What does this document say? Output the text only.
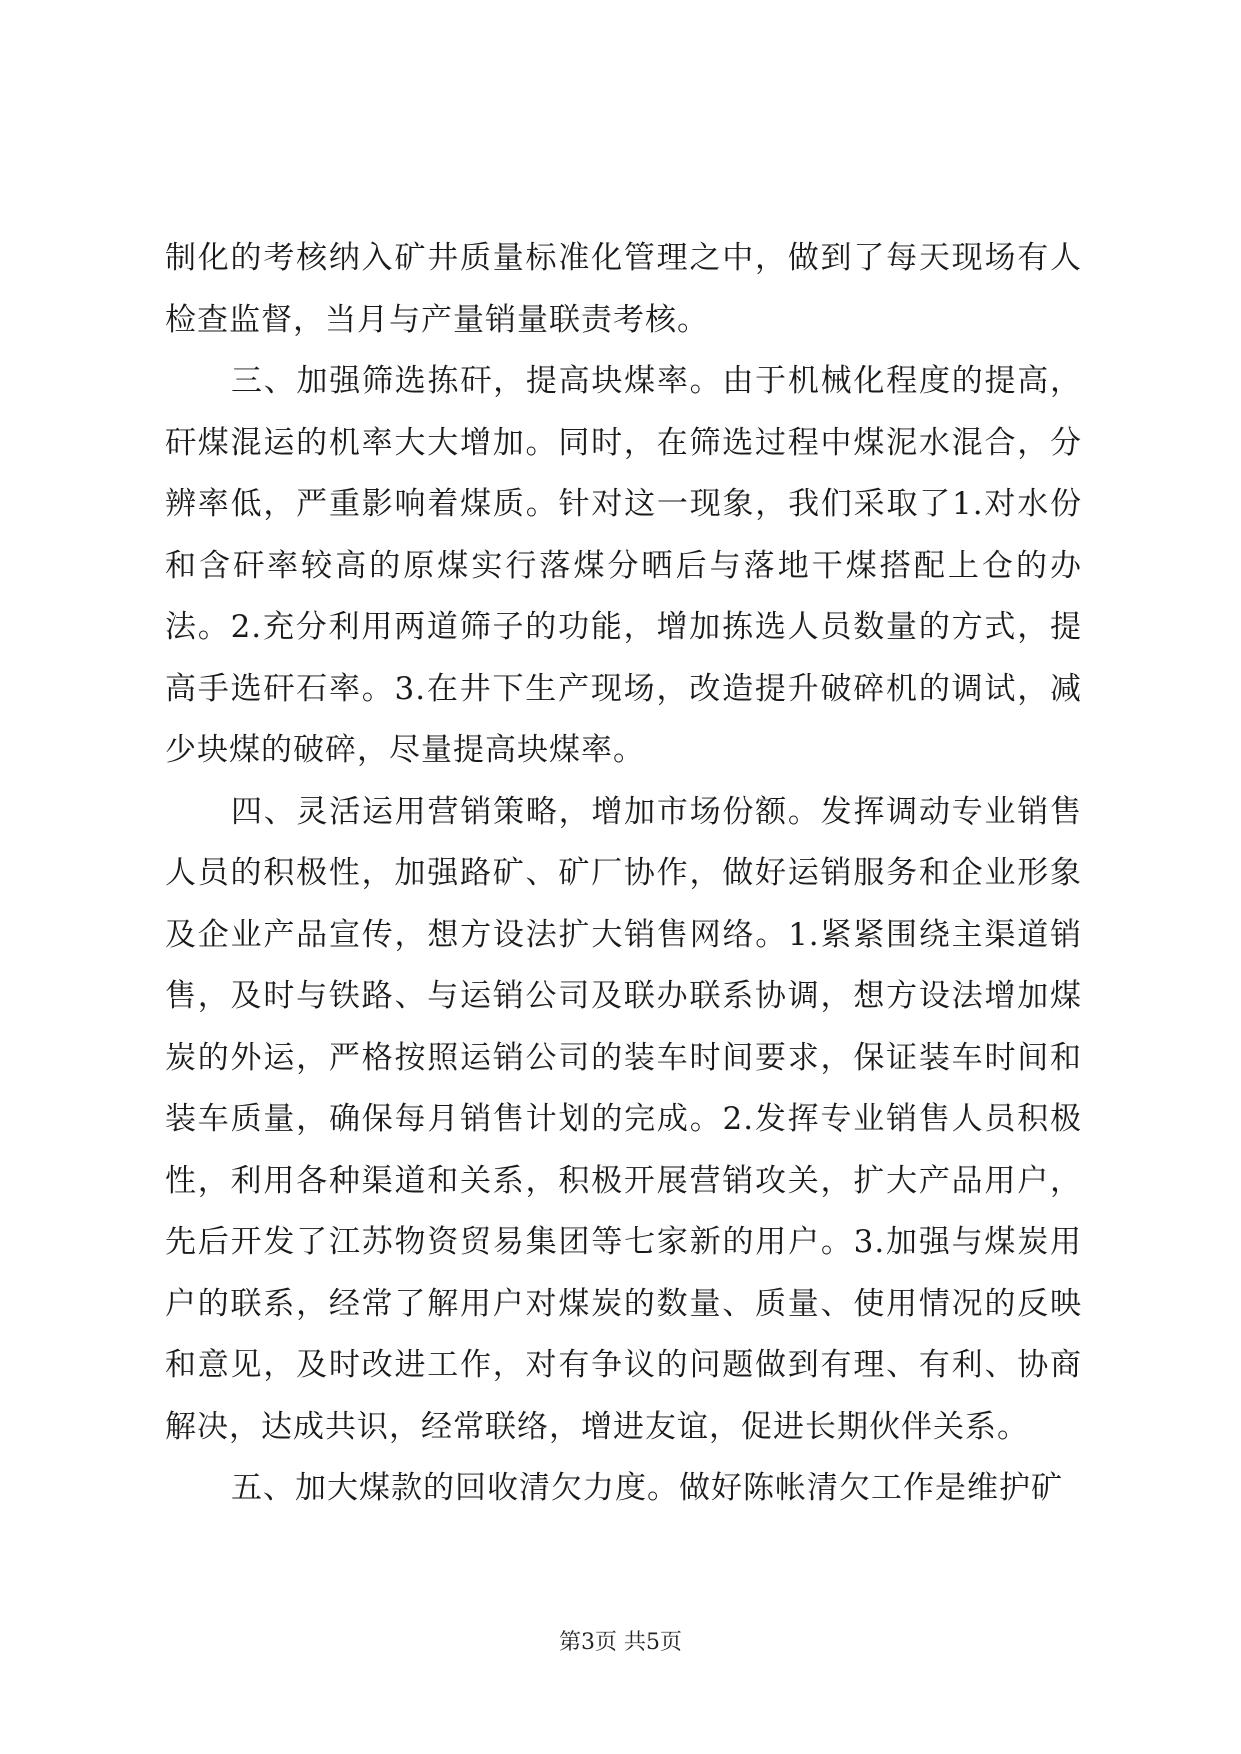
制化的考核纳入矿井质量标准化管理之中，做到了每天现场有人检查监督，当月与产量销量联责考核。

三、加强筛选拣矸，提高块煤率。由于机械化程度的提高，矸煤混运的机率大大增加。同时，在筛选过程中煤泥水混合，分辨率低，严重影响着煤质。针对这一现象，我们采取了1.对水份和含矸率较高的原煤实行落煤分晒后与落地干煤搭配上仓的办法。2.充分利用两道筛子的功能，增加拣选人员数量的方式，提高手选矸石率。3.在井下生产现场，改造提升破碎机的调试，减少块煤的破碎，尽量提高块煤率。

四、灵活运用营销策略，增加市场份额。发挥调动专业销售人员的积极性，加强路矿、矿厂协作，做好运销服务和企业形象及企业产品宣传，想方设法扩大销售网络。1.紧紧围绕主渠道销售，及时与铁路、与运销公司及联办联系协调，想方设法增加煤炭的外运，严格按照运销公司的装车时间要求，保证装车时间和装车质量，确保每月销售计划的完成。2.发挥专业销售人员积极性，利用各种渠道和关系，积极开展营销攻关，扩大产品用户，先后开发了江苏物资贸易集团等七家新的用户。3.加强与煤炭用户的联系，经常了解用户对煤炭的数量、质量、使用情况的反映和意见，及时改进工作，对有争议的问题做到有理、有利、协商解决，达成共识，经常联络，增进友谊，促进长期伙伴关系。

五、加大煤款的回收清欠力度。做好陈帐清欠工作是维护矿

第3页 共5页
